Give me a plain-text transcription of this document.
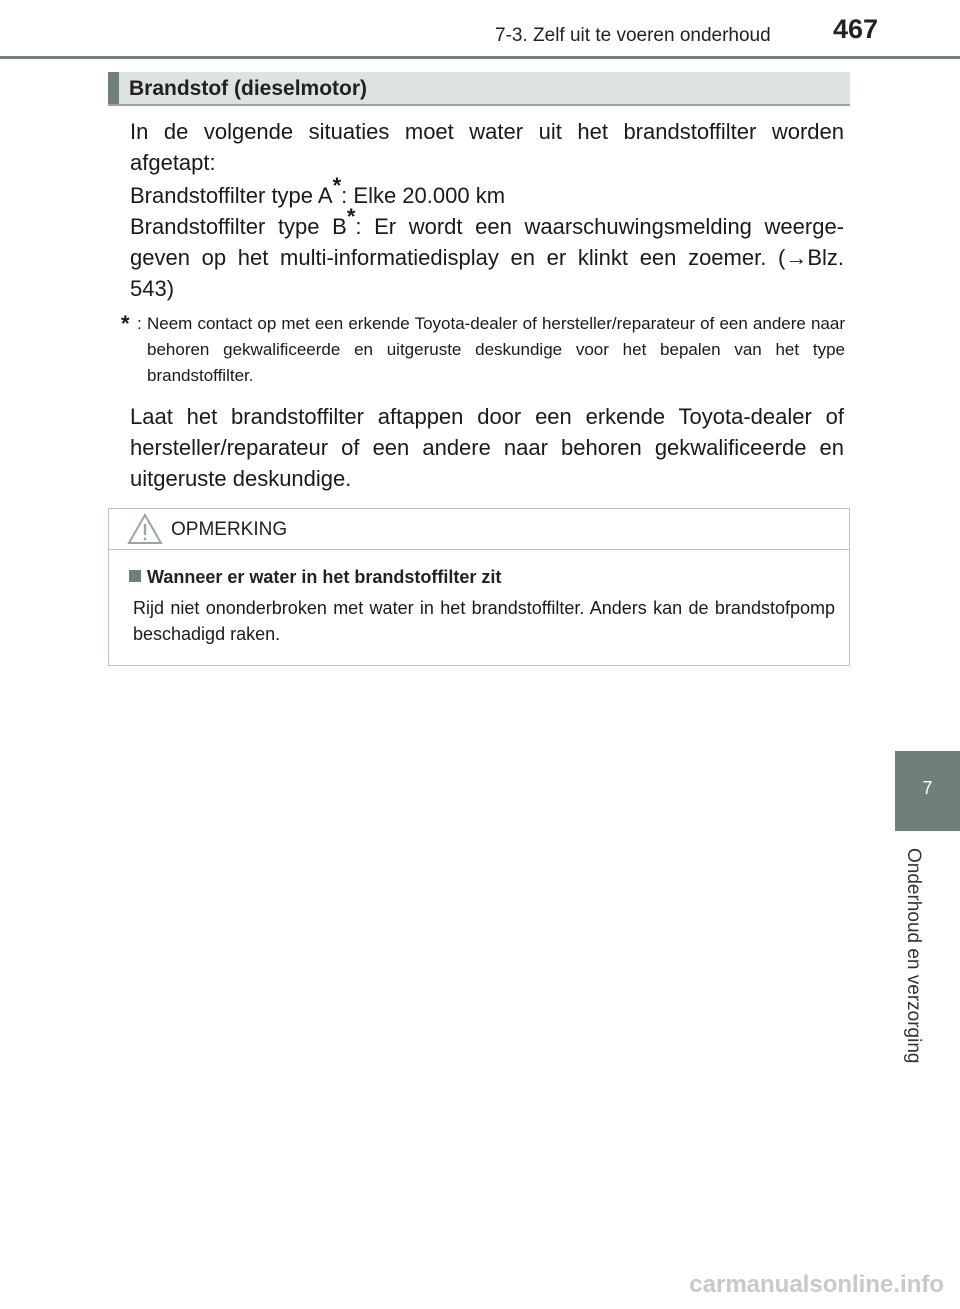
7-3. Zelf uit te voeren onderhoud 467
Brandstof (dieselmotor)

In de volgende situaties moet water uit het brandstoffilter worden afgetapt:

Brandstoffilter type A*: Elke 20.000 km
Brandstoffilter type B*: Er wordt een waarschuwingsmelding weerge-geven op het multi-informatiedisplay en er klinkt een zoemer. (→Blz. 543)

* : Neem contact op met een erkende Toyota-dealer of hersteller/reparateur of een andere naar behoren gekwalificeerde en uitgeruste deskundige voor het bepalen van het type brandstoffilter.

Laat het brandstoffilter aftappen door een erkende Toyota-dealer of hersteller/reparateur of een andere naar behoren gekwalificeerde en uitgeruste deskundige.

OPMERKING
Wanneer er water in het brandstoffilter zit

Rijd niet ononderbroken met water in het brandstoffilter. Anders kan de brandstofpomp beschadigd raken.

7
Onderhoud en verzorging
carmanualsonline.info
